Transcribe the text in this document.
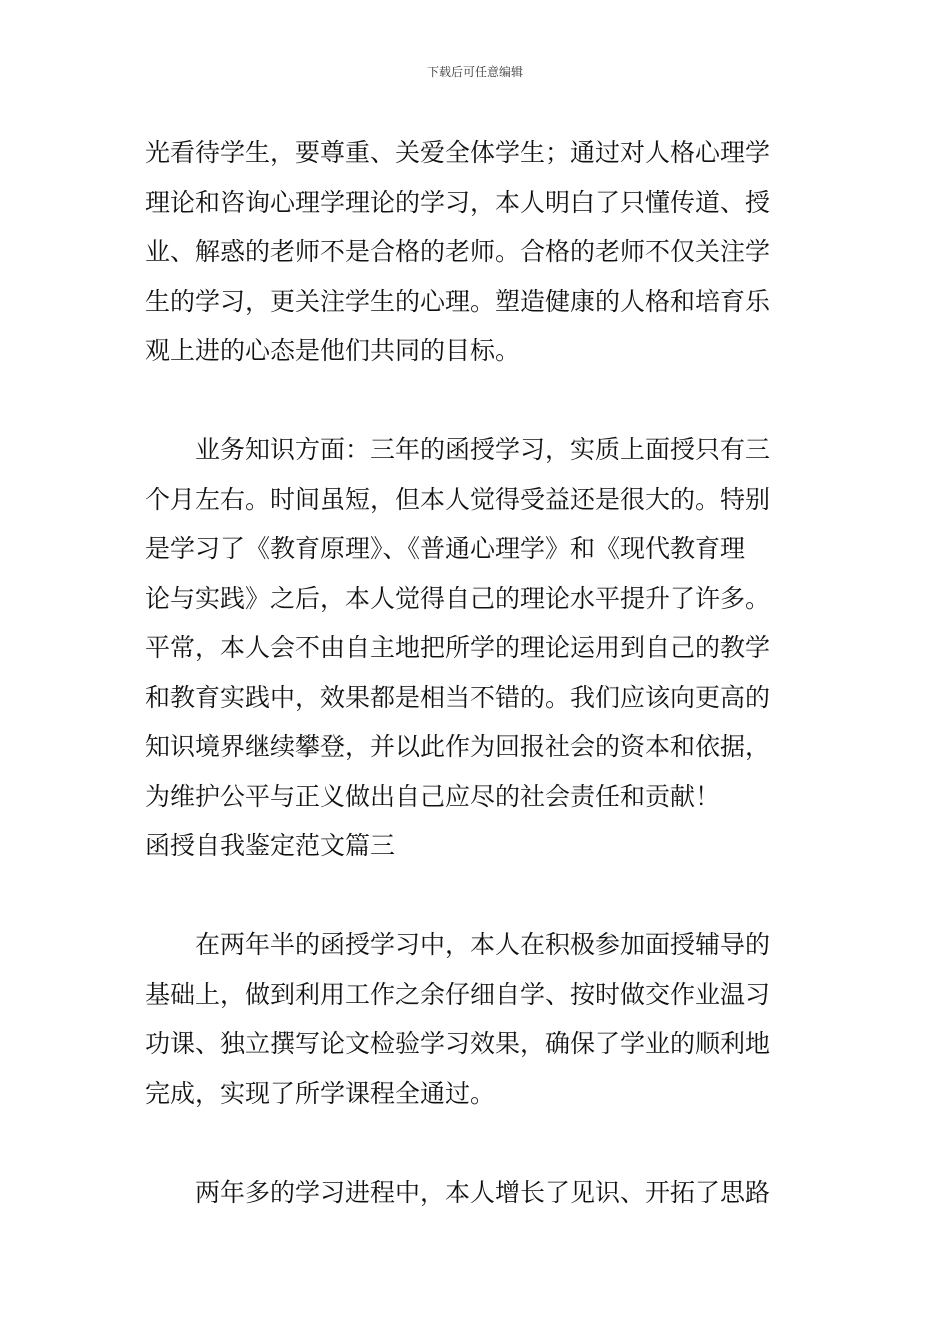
下载后可任意编辑
光看待学生，要尊重、关爱全体学生；通过对人格心理学
理论和咨询心理学理论的学习，本人明白了只懂传道、授
业、解惑的老师不是合格的老师。合格的老师不仅关注学
生的学习，更关注学生的心理。塑造健康的人格和培育乐
观上进的心态是他们共同的目标。
　　业务知识方面：三年的函授学习，实质上面授只有三
个月左右。时间虽短，但本人觉得受益还是很大的。特别
是学习了《教育原理》、《普通心理学》和《现代教育理
论与实践》之后，本人觉得自己的理论水平提升了许多。
平常，本人会不由自主地把所学的理论运用到自己的教学
和教育实践中，效果都是相当不错的。我们应该向更高的
知识境界继续攀登，并以此作为回报社会的资本和依据，
为维护公平与正义做出自己应尽的社会责任和贡献！
函授自我鉴定范文篇三
　　在两年半的函授学习中，本人在积极参加面授辅导的
基础上，做到利用工作之余仔细自学、按时做交作业温习
功课、独立撰写论文检验学习效果，确保了学业的顺利地
完成，实现了所学课程全通过。
　　两年多的学习进程中，本人增长了见识、开拓了思路
